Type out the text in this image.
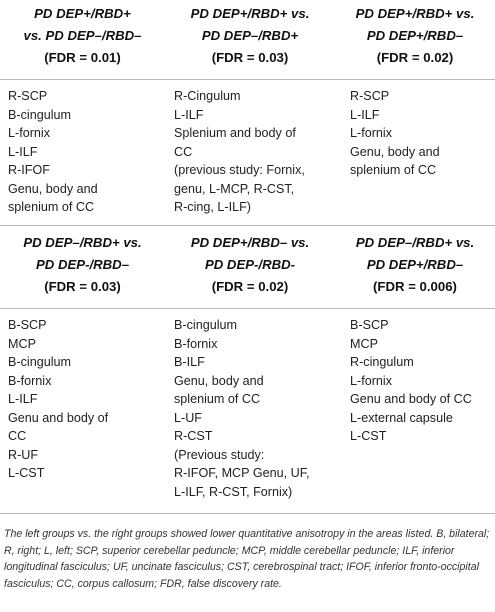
PD DEP+/RBD+
vs. PD DEP–/RBD–
(FDR = 0.01)
PD DEP+/RBD+ vs.
PD DEP–/RBD+
(FDR = 0.03)
PD DEP+/RBD+ vs.
PD DEP+/RBD–
(FDR = 0.02)
R-SCP
B-cingulum
L-fornix
L-ILF
R-IFOF
Genu, body and
splenium of CC
R-Cingulum
L-ILF
Splenium and body of
CC
(previous study: Fornix,
genu, L-MCP, R-CST,
R-cing, L-ILF)
R-SCP
L-ILF
L-fornix
Genu, body and
splenium of CC
PD DEP–/RBD+ vs.
PD DEP-/RBD–
(FDR = 0.03)
PD DEP+/RBD– vs.
PD DEP-/RBD-
(FDR = 0.02)
PD DEP–/RBD+ vs.
PD DEP+/RBD–
(FDR = 0.006)
B-SCP
MCP
B-cingulum
B-fornix
L-ILF
Genu and body of
CC
R-UF
L-CST
B-cingulum
B-fornix
B-ILF
Genu, body and
splenium of CC
L-UF
R-CST
(Previous study:
R-IFOF, MCP Genu, UF,
L-ILF, R-CST, Fornix)
B-SCP
MCP
R-cingulum
L-fornix
Genu and body of CC
L-external capsule
L-CST
The left groups vs. the right groups showed lower quantitative anisotropy in the areas listed. B, bilateral; R, right; L, left; SCP, superior cerebellar peduncle; MCP, middle cerebellar peduncle; ILF, inferior longitudinal fasciculus; UF, uncinate fasciculus; CST, cerebrospinal tract; IFOF, inferior fronto-occipital fasciculus; CC, corpus callosum; FDR, false discovery rate.
